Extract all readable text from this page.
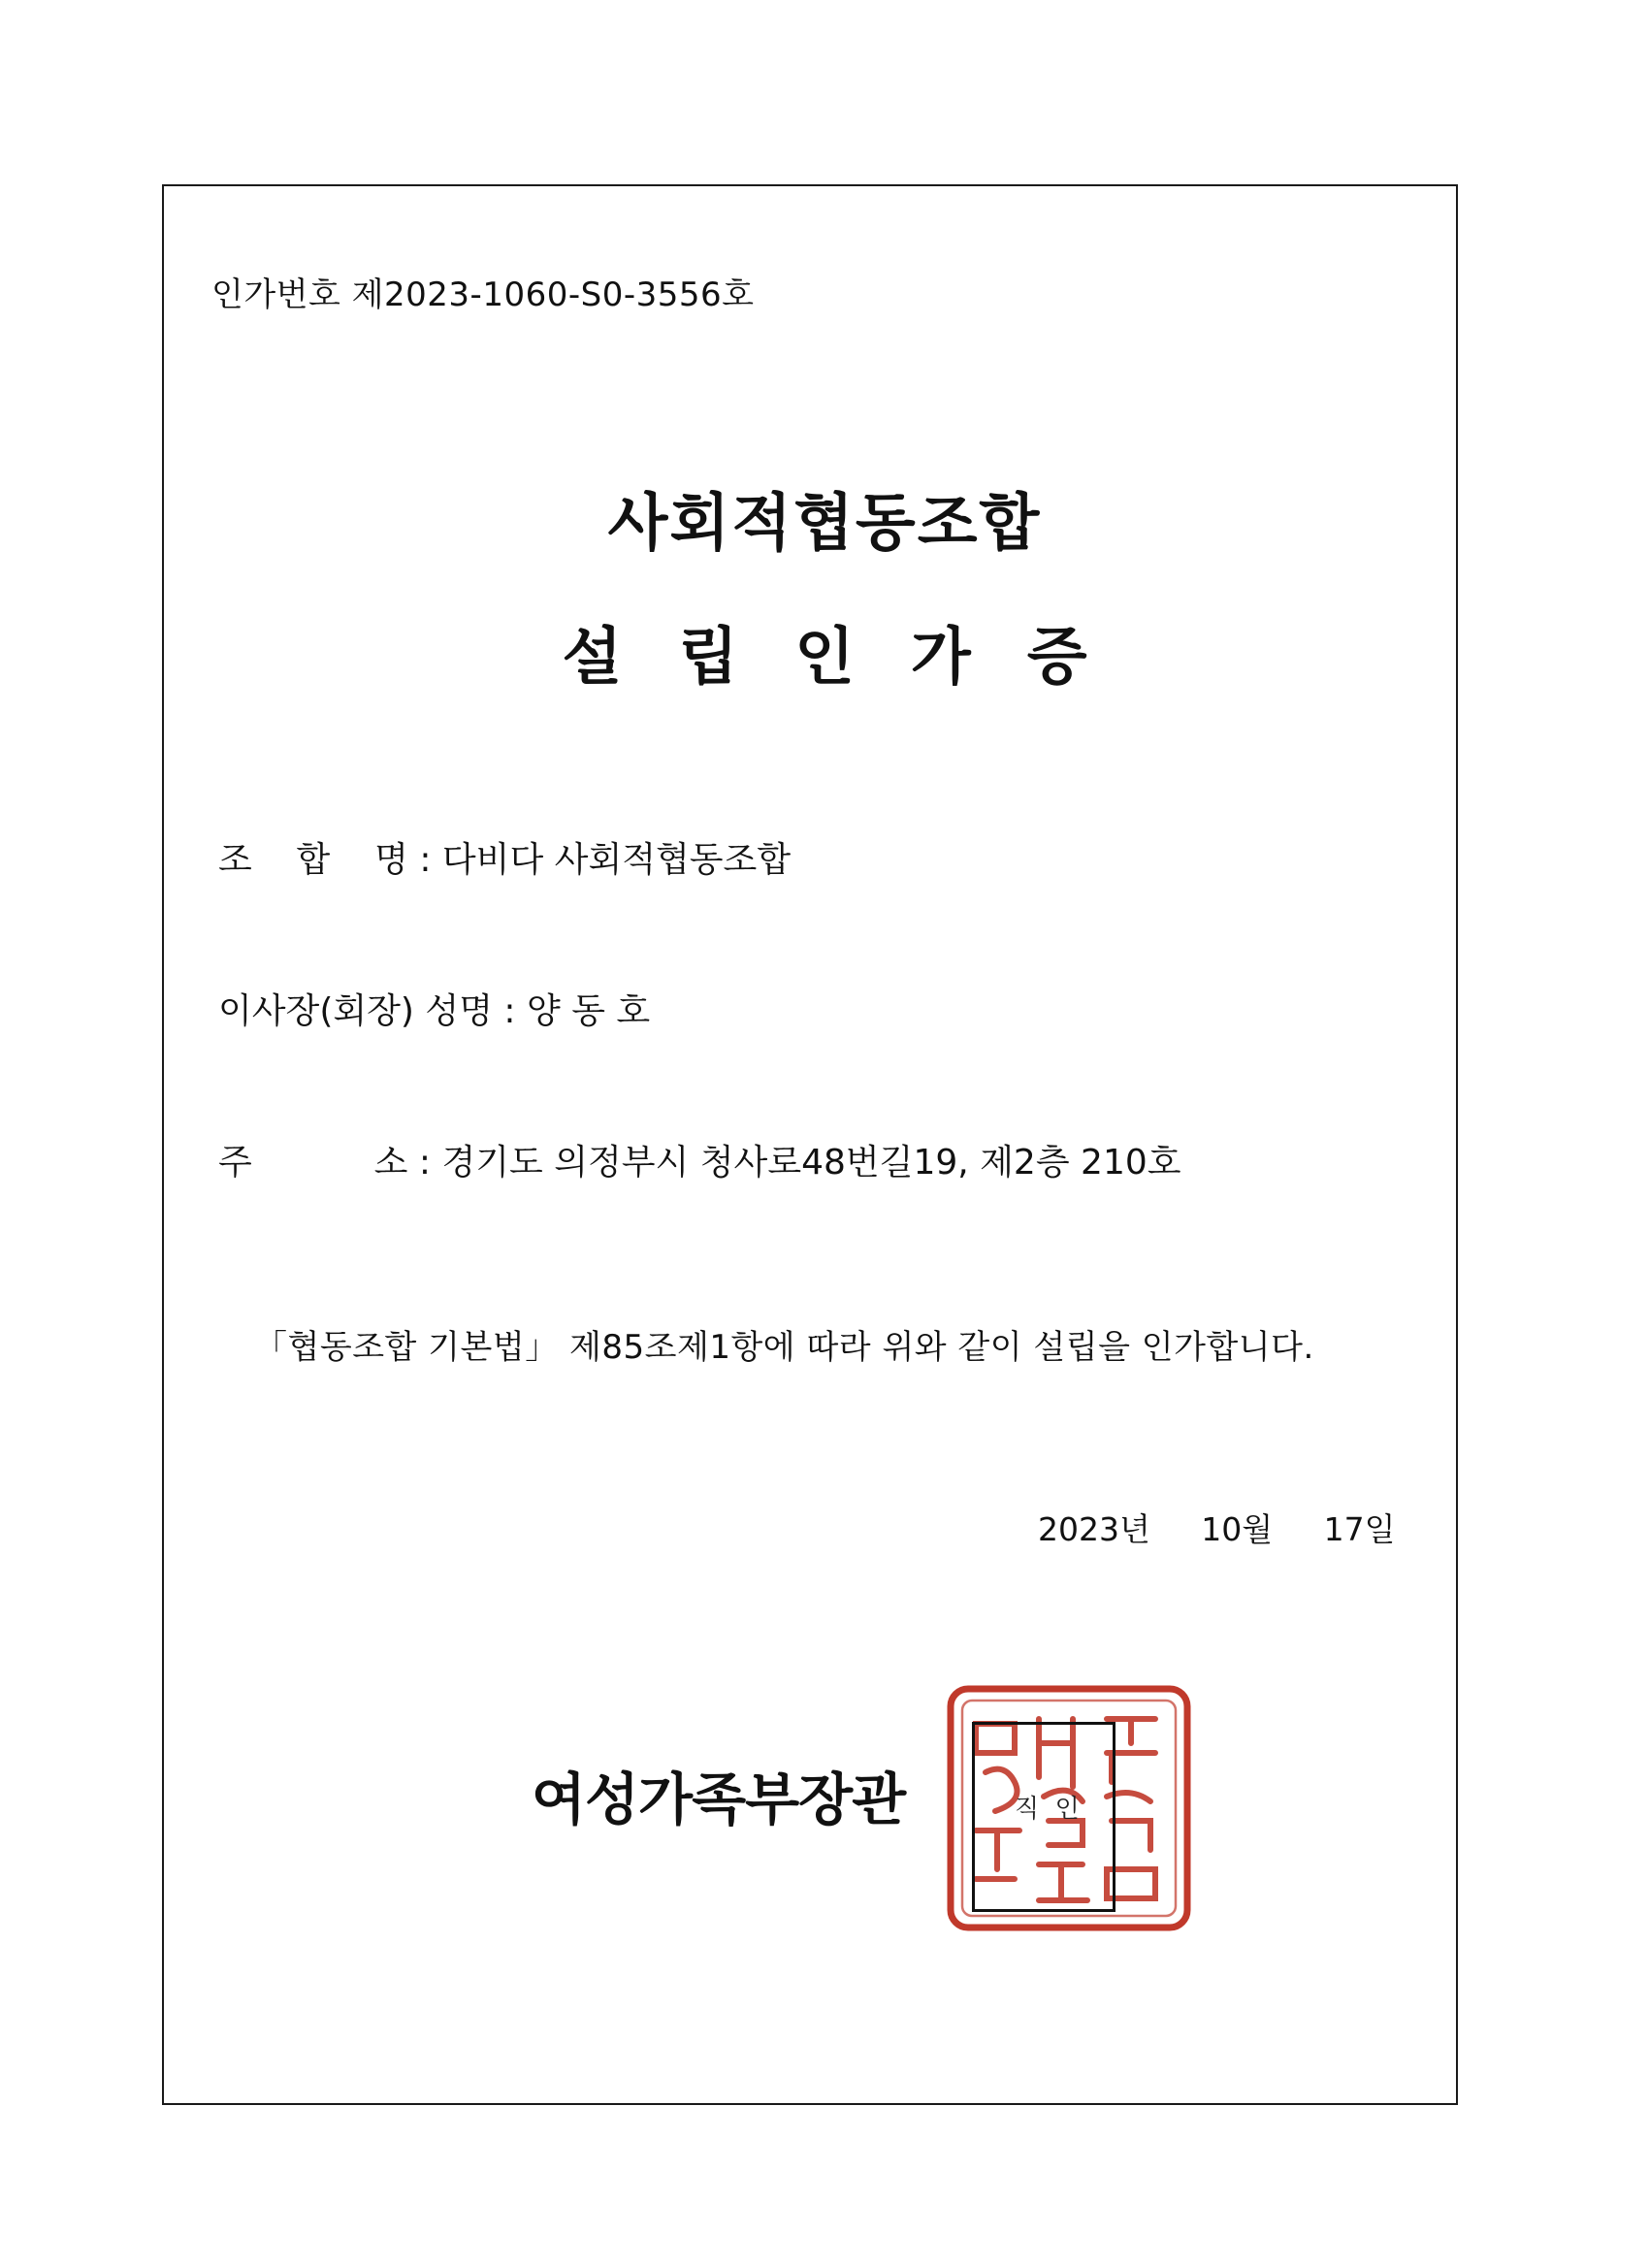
인가번호 제2023-1060-S0-3556호
사회적협동조합
설립인가증
조    합    명 : 다비다 사회적협동조합
이사장(회장) 성명 : 양 동 호
주           소 : 경기도 의정부시 청사로48번길19, 제2층 210호
「협동조합 기본법」 제85조제1항에 따라 위와 같이 설립을 인가합니다.
2023년     10월     17일
여성가족부장관	직  인
